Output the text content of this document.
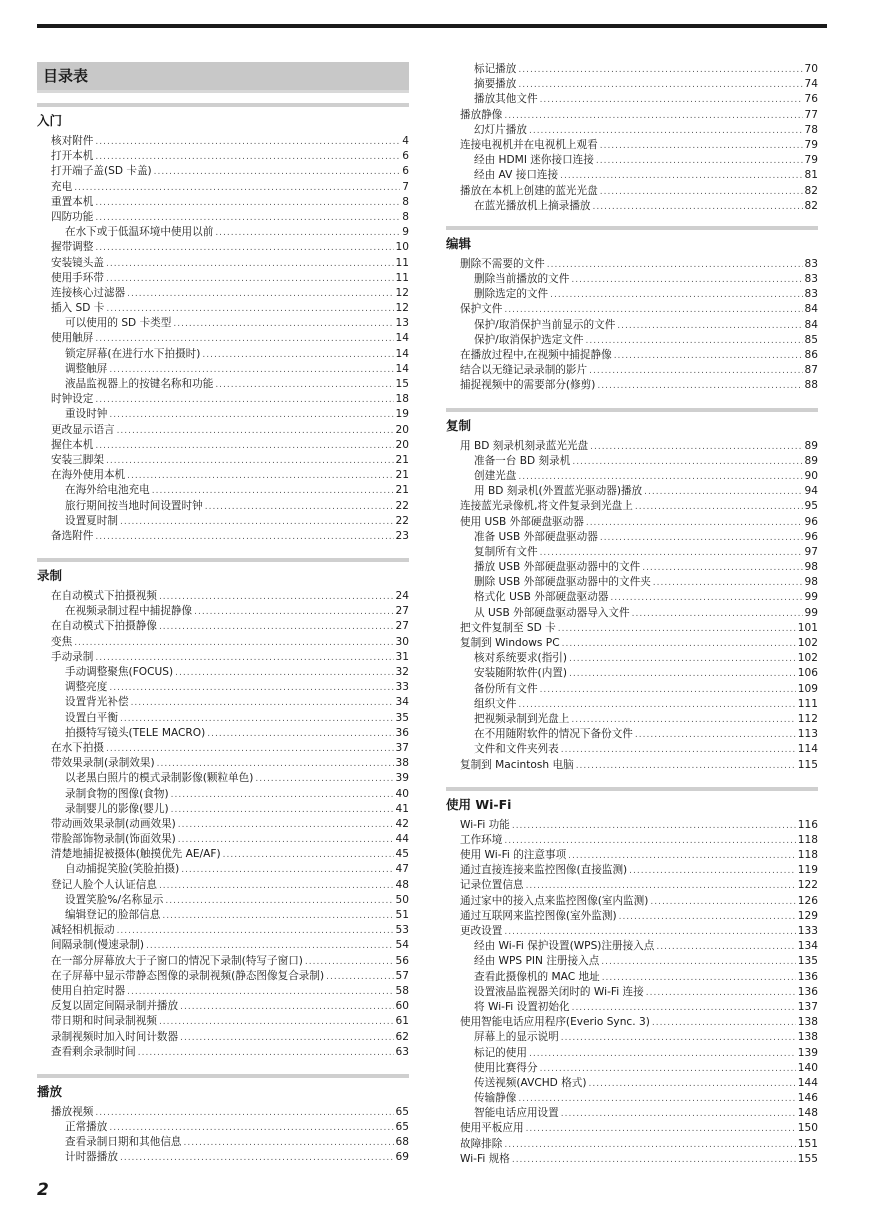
目录表
入门
核对附件 .....	4
打开本机 .....	6
打开端子盖(SD 卡盖) .....	6
充电 .....	7
重置本机 .....	8
四防功能 .....	8
在水下或于低温环境中使用以前 .....	9
握带调整 .....	10
安装镜头盖 .....	11
使用手环带 .....	11
连接核心过滤器 .....	12
插入 SD 卡 .....	12
可以使用的 SD 卡类型 .....	13
使用触屏 .....	14
锁定屏幕(在进行水下拍摄时) .....	14
调整触屏 .....	14
液晶监视器上的按键名称和功能 .....	15
时钟设定 .....	18
重设时钟 .....	19
更改显示语言 .....	20
握住本机 .....	20
安装三脚架 .....	21
在海外使用本机 .....	21
在海外给电池充电 .....	21
旅行期间按当地时间设置时钟 .....	22
设置夏时制 .....	22
备选附件 .....	23
录制
在自动模式下拍摄视频 .....	24
在视频录制过程中捕捉静像 .....	27
在自动模式下拍摄静像 .....	27
变焦 .....	30
手动录制 .....	31
手动调整聚焦(FOCUS) .....	32
调整亮度 .....	33
设置背光补偿 .....	34
设置白平衡 .....	35
拍摄特写镜头(TELE MACRO) .....	36
在水下拍摄 .....	37
带效果录制(录制效果) .....	38
以老黑白照片的模式录制影像(颗粒单色) .....	39
录制食物的图像(食物) .....	40
录制婴儿的影像(婴儿) .....	41
带动画效果录制(动画效果) .....	42
带脸部饰物录制(饰面效果) .....	44
清楚地捕捉被摄体(触摸优先 AE/AF) .....	45
自动捕捉笑脸(笑脸拍摄) .....	47
登记人脸个人认证信息 .....	48
设置笑脸%/名称显示 .....	50
编辑登记的脸部信息 .....	51
减轻相机振动 .....	53
间隔录制(慢速录制) .....	54
在一部分屏幕放大于子窗口的情况下录制(特写子窗口) .....	56
在子屏幕中显示带静态图像的录制视频(静态图像复合录制) .....	57
使用自拍定时器 .....	58
反复以固定间隔录制并播放 .....	60
带日期和时间录制视频 .....	61
录制视频时加入时间计数器 .....	62
查看剩余录制时间 .....	63
播放
播放视频 .....	65
正常播放 .....	65
查看录制日期和其他信息 .....	68
计时器播放 .....	69
标记播放 .....	70
摘要播放 .....	74
播放其他文件 .....	76
播放静像 .....	77
幻灯片播放 .....	78
连接电视机并在电视机上观看 .....	79
经由 HDMI 迷你接口连接 .....	79
经由 AV 接口连接 .....	81
播放在本机上创建的蓝光光盘 .....	82
在蓝光播放机上摘录播放 .....	82
编辑
删除不需要的文件 .....	83
删除当前播放的文件 .....	83
删除选定的文件 .....	83
保护文件 .....	84
保护/取消保护当前显示的文件 .....	84
保护/取消保护选定文件 .....	85
在播放过程中,在视频中捕捉静像 .....	86
结合以无缝记录录制的影片 .....	87
捕捉视频中的需要部分(修剪) .....	88
复制
用 BD 刻录机刻录蓝光光盘 .....	89
准备一台 BD 刻录机 .....	89
创建光盘 .....	90
用 BD 刻录机(外置蓝光驱动器)播放 .....	94
连接蓝光录像机,将文件复录到光盘上 .....	95
使用 USB 外部硬盘驱动器 .....	96
准备 USB 外部硬盘驱动器 .....	96
复制所有文件 .....	97
播放 USB 外部硬盘驱动器中的文件 .....	98
删除 USB 外部硬盘驱动器中的文件夹 .....	98
格式化 USB 外部硬盘驱动器 .....	99
从 USB 外部硬盘驱动器导入文件 .....	99
把文件复制至 SD 卡 .....	101
复制到 Windows PC .....	102
核对系统要求(指引) .....	102
安装随附软件(内置) .....	106
备份所有文件 .....	109
组织文件 .....	111
把视频录制到光盘上 .....	112
在不用随附软件的情况下备份文件 .....	113
文件和文件夹列表 .....	114
复制到 Macintosh 电脑 .....	115
使用 Wi-Fi
Wi-Fi 功能 .....	116
工作环境 .....	118
使用 Wi-Fi 的注意事项 .....	118
通过直接连接来监控图像(直接监测) .....	119
记录位置信息 .....	122
通过家中的接入点来监控图像(室内监测) .....	126
通过互联网来监控图像(室外监测) .....	129
更改设置 .....	133
经由 Wi-Fi 保护设置(WPS)注册接入点 .....	134
经由 WPS PIN 注册接入点 .....	135
查看此摄像机的 MAC 地址 .....	136
设置液晶监视器关闭时的 Wi-Fi 连接 .....	136
将 Wi-Fi 设置初始化 .....	137
使用智能电话应用程序(Everio Sync. 3) .....	138
屏幕上的显示说明 .....	138
标记的使用 .....	139
使用比赛得分 .....	140
传送视频(AVCHD 格式) .....	144
传输静像 .....	146
智能电话应用设置 .....	148
使用平板应用 .....	150
故障排除 .....	151
Wi-Fi 规格 .....	155
2
